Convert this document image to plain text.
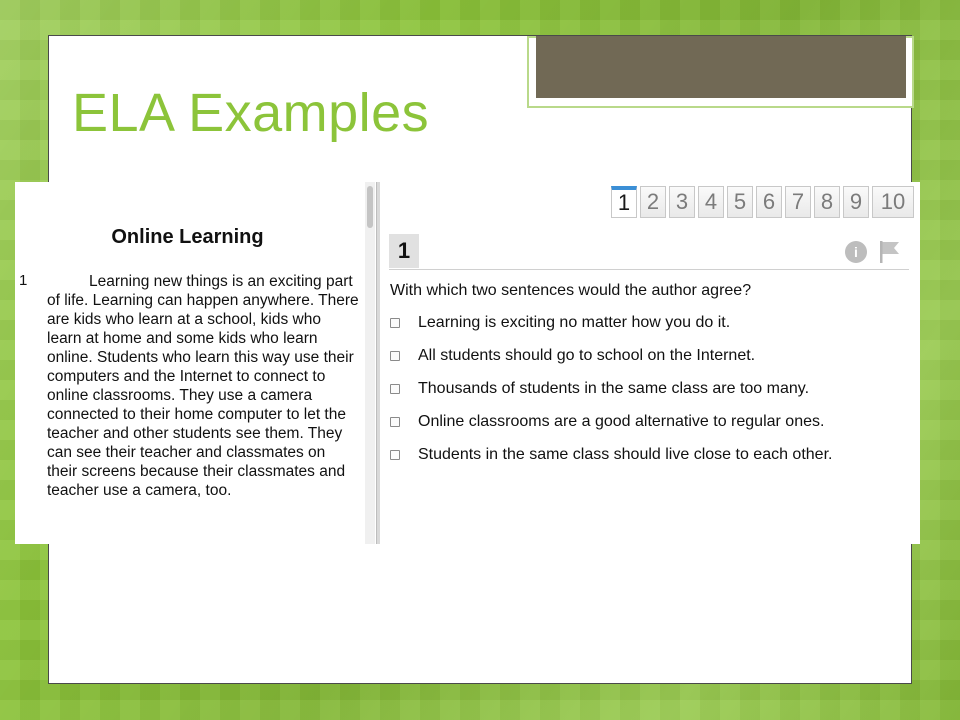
ELA Examples
Online Learning
1	Learning new things is an exciting part of life. Learning can happen anywhere. There are kids who learn at a school, kids who learn at home and some kids who learn online. Students who learn this way use their computers and the Internet to connect to online classrooms. They use a camera connected to their home computer to let the teacher and other students see them. They can see their teacher and classmates on their screens because their classmates and teacher use a camera, too.

1 2 3 4 5 6 7 8 9 10
1	i
With which two sentences would the author agree?
Learning is exciting no matter how you do it.
All students should go to school on the Internet.
Thousands of students in the same class are too many.
Online classrooms are a good alternative to regular ones.
Students in the same class should live close to each other.
